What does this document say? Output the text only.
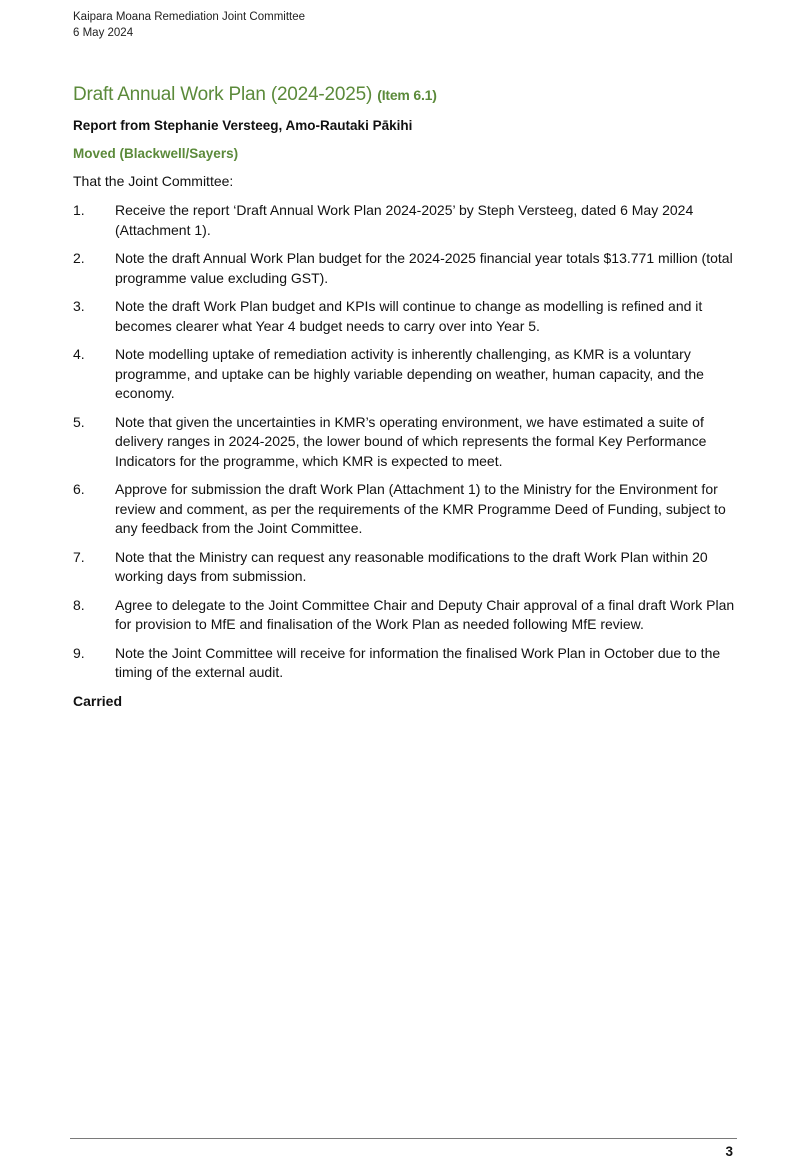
Kaipara Moana Remediation Joint Committee
6 May 2024
Draft Annual Work Plan (2024-2025) (Item 6.1)
Report from Stephanie Versteeg, Amo-Rautaki Pākihi
Moved (Blackwell/Sayers)
That the Joint Committee:
1. Receive the report ‘Draft Annual Work Plan 2024-2025’ by Steph Versteeg, dated 6 May 2024 (Attachment 1).
2. Note the draft Annual Work Plan budget for the 2024-2025 financial year totals $13.771 million (total programme value excluding GST).
3. Note the draft Work Plan budget and KPIs will continue to change as modelling is refined and it becomes clearer what Year 4 budget needs to carry over into Year 5.
4. Note modelling uptake of remediation activity is inherently challenging, as KMR is a voluntary programme, and uptake can be highly variable depending on weather, human capacity, and the economy.
5. Note that given the uncertainties in KMR’s operating environment, we have estimated a suite of delivery ranges in 2024-2025, the lower bound of which represents the formal Key Performance Indicators for the programme, which KMR is expected to meet.
6. Approve for submission the draft Work Plan (Attachment 1) to the Ministry for the Environment for review and comment, as per the requirements of the KMR Programme Deed of Funding, subject to any feedback from the Joint Committee.
7. Note that the Ministry can request any reasonable modifications to the draft Work Plan within 20 working days from submission.
8. Agree to delegate to the Joint Committee Chair and Deputy Chair approval of a final draft Work Plan for provision to MfE and finalisation of the Work Plan as needed following MfE review.
9. Note the Joint Committee will receive for information the finalised Work Plan in October due to the timing of the external audit.
Carried
3
